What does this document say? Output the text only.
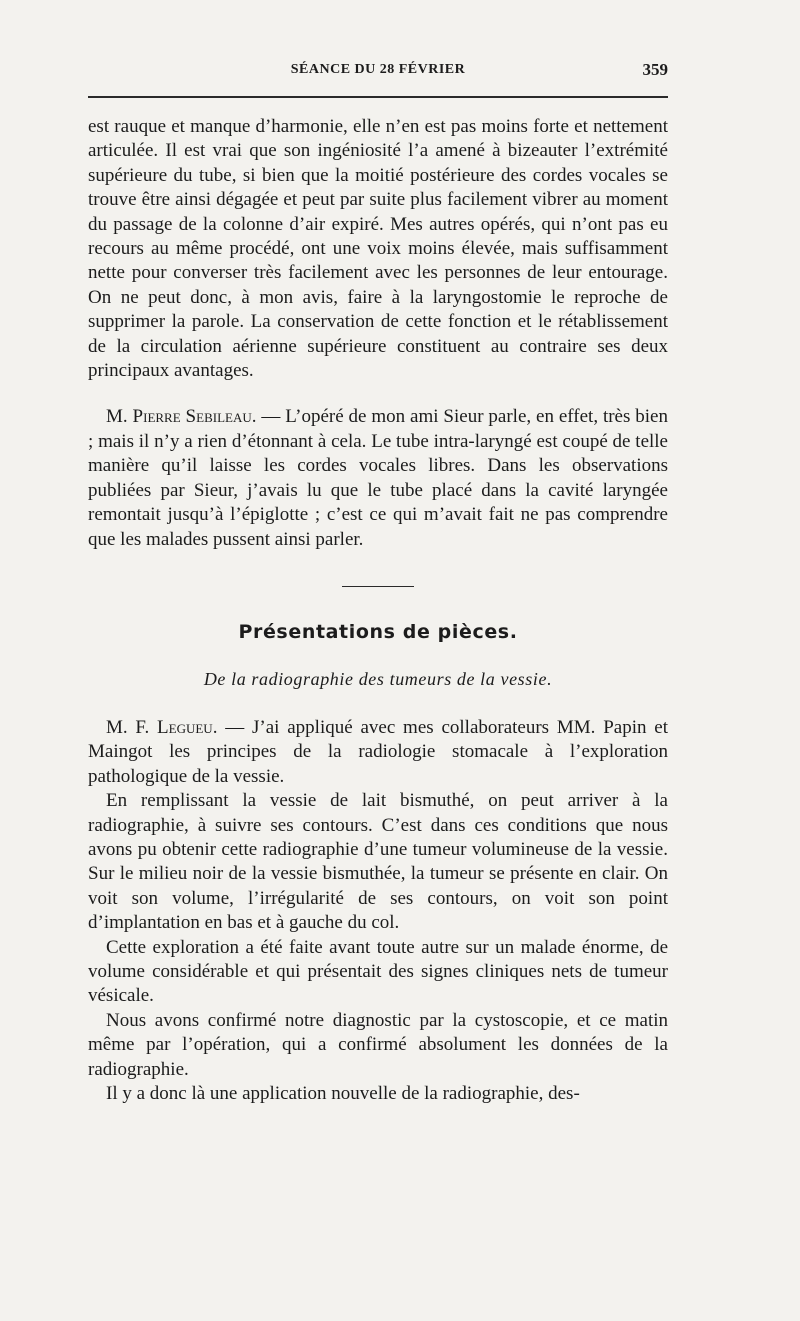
SÉANCE DU 28 FÉVRIER	359

est rauque et manque d’harmonie, elle n’en est pas moins forte et nettement articulée. Il est vrai que son ingéniosité l’a amené à bizeauter l’extrémité supérieure du tube, si bien que la moitié postérieure des cordes vocales se trouve être ainsi dégagée et peut par suite plus facilement vibrer au moment du passage de la colonne d’air expiré. Mes autres opérés, qui n’ont pas eu recours au même procédé, ont une voix moins élevée, mais suffisamment nette pour converser très facilement avec les personnes de leur entourage. On ne peut donc, à mon avis, faire à la laryngostomie le reproche de supprimer la parole. La conservation de cette fonction et le rétablissement de la circulation aérienne supérieure constituent au contraire ses deux principaux avantages.

M. Pierre Sebileau. — L’opéré de mon ami Sieur parle, en effet, très bien ; mais il n’y a rien d’étonnant à cela. Le tube intra-laryngé est coupé de telle manière qu’il laisse les cordes vocales libres. Dans les observations publiées par Sieur, j’avais lu que le tube placé dans la cavité laryngée remontait jusqu’à l’épiglotte ; c’est ce qui m’avait fait ne pas comprendre que les malades pussent ainsi parler.

Présentations de pièces.
De la radiographie des tumeurs de la vessie.

M. F. Legueu. — J’ai appliqué avec mes collaborateurs MM. Papin et Maingot les principes de la radiologie stomacale à l’exploration pathologique de la vessie.

En remplissant la vessie de lait bismuthé, on peut arriver à la radiographie, à suivre ses contours. C’est dans ces conditions que nous avons pu obtenir cette radiographie d’une tumeur volumineuse de la vessie. Sur le milieu noir de la vessie bismuthée, la tumeur se présente en clair. On voit son volume, l’irrégularité de ses contours, on voit son point d’implantation en bas et à gauche du col.

Cette exploration a été faite avant toute autre sur un malade énorme, de volume considérable et qui présentait des signes cliniques nets de tumeur vésicale.

Nous avons confirmé notre diagnostic par la cystoscopie, et ce matin même par l’opération, qui a confirmé absolument les données de la radiographie.

Il y a donc là une application nouvelle de la radiographie, des-
